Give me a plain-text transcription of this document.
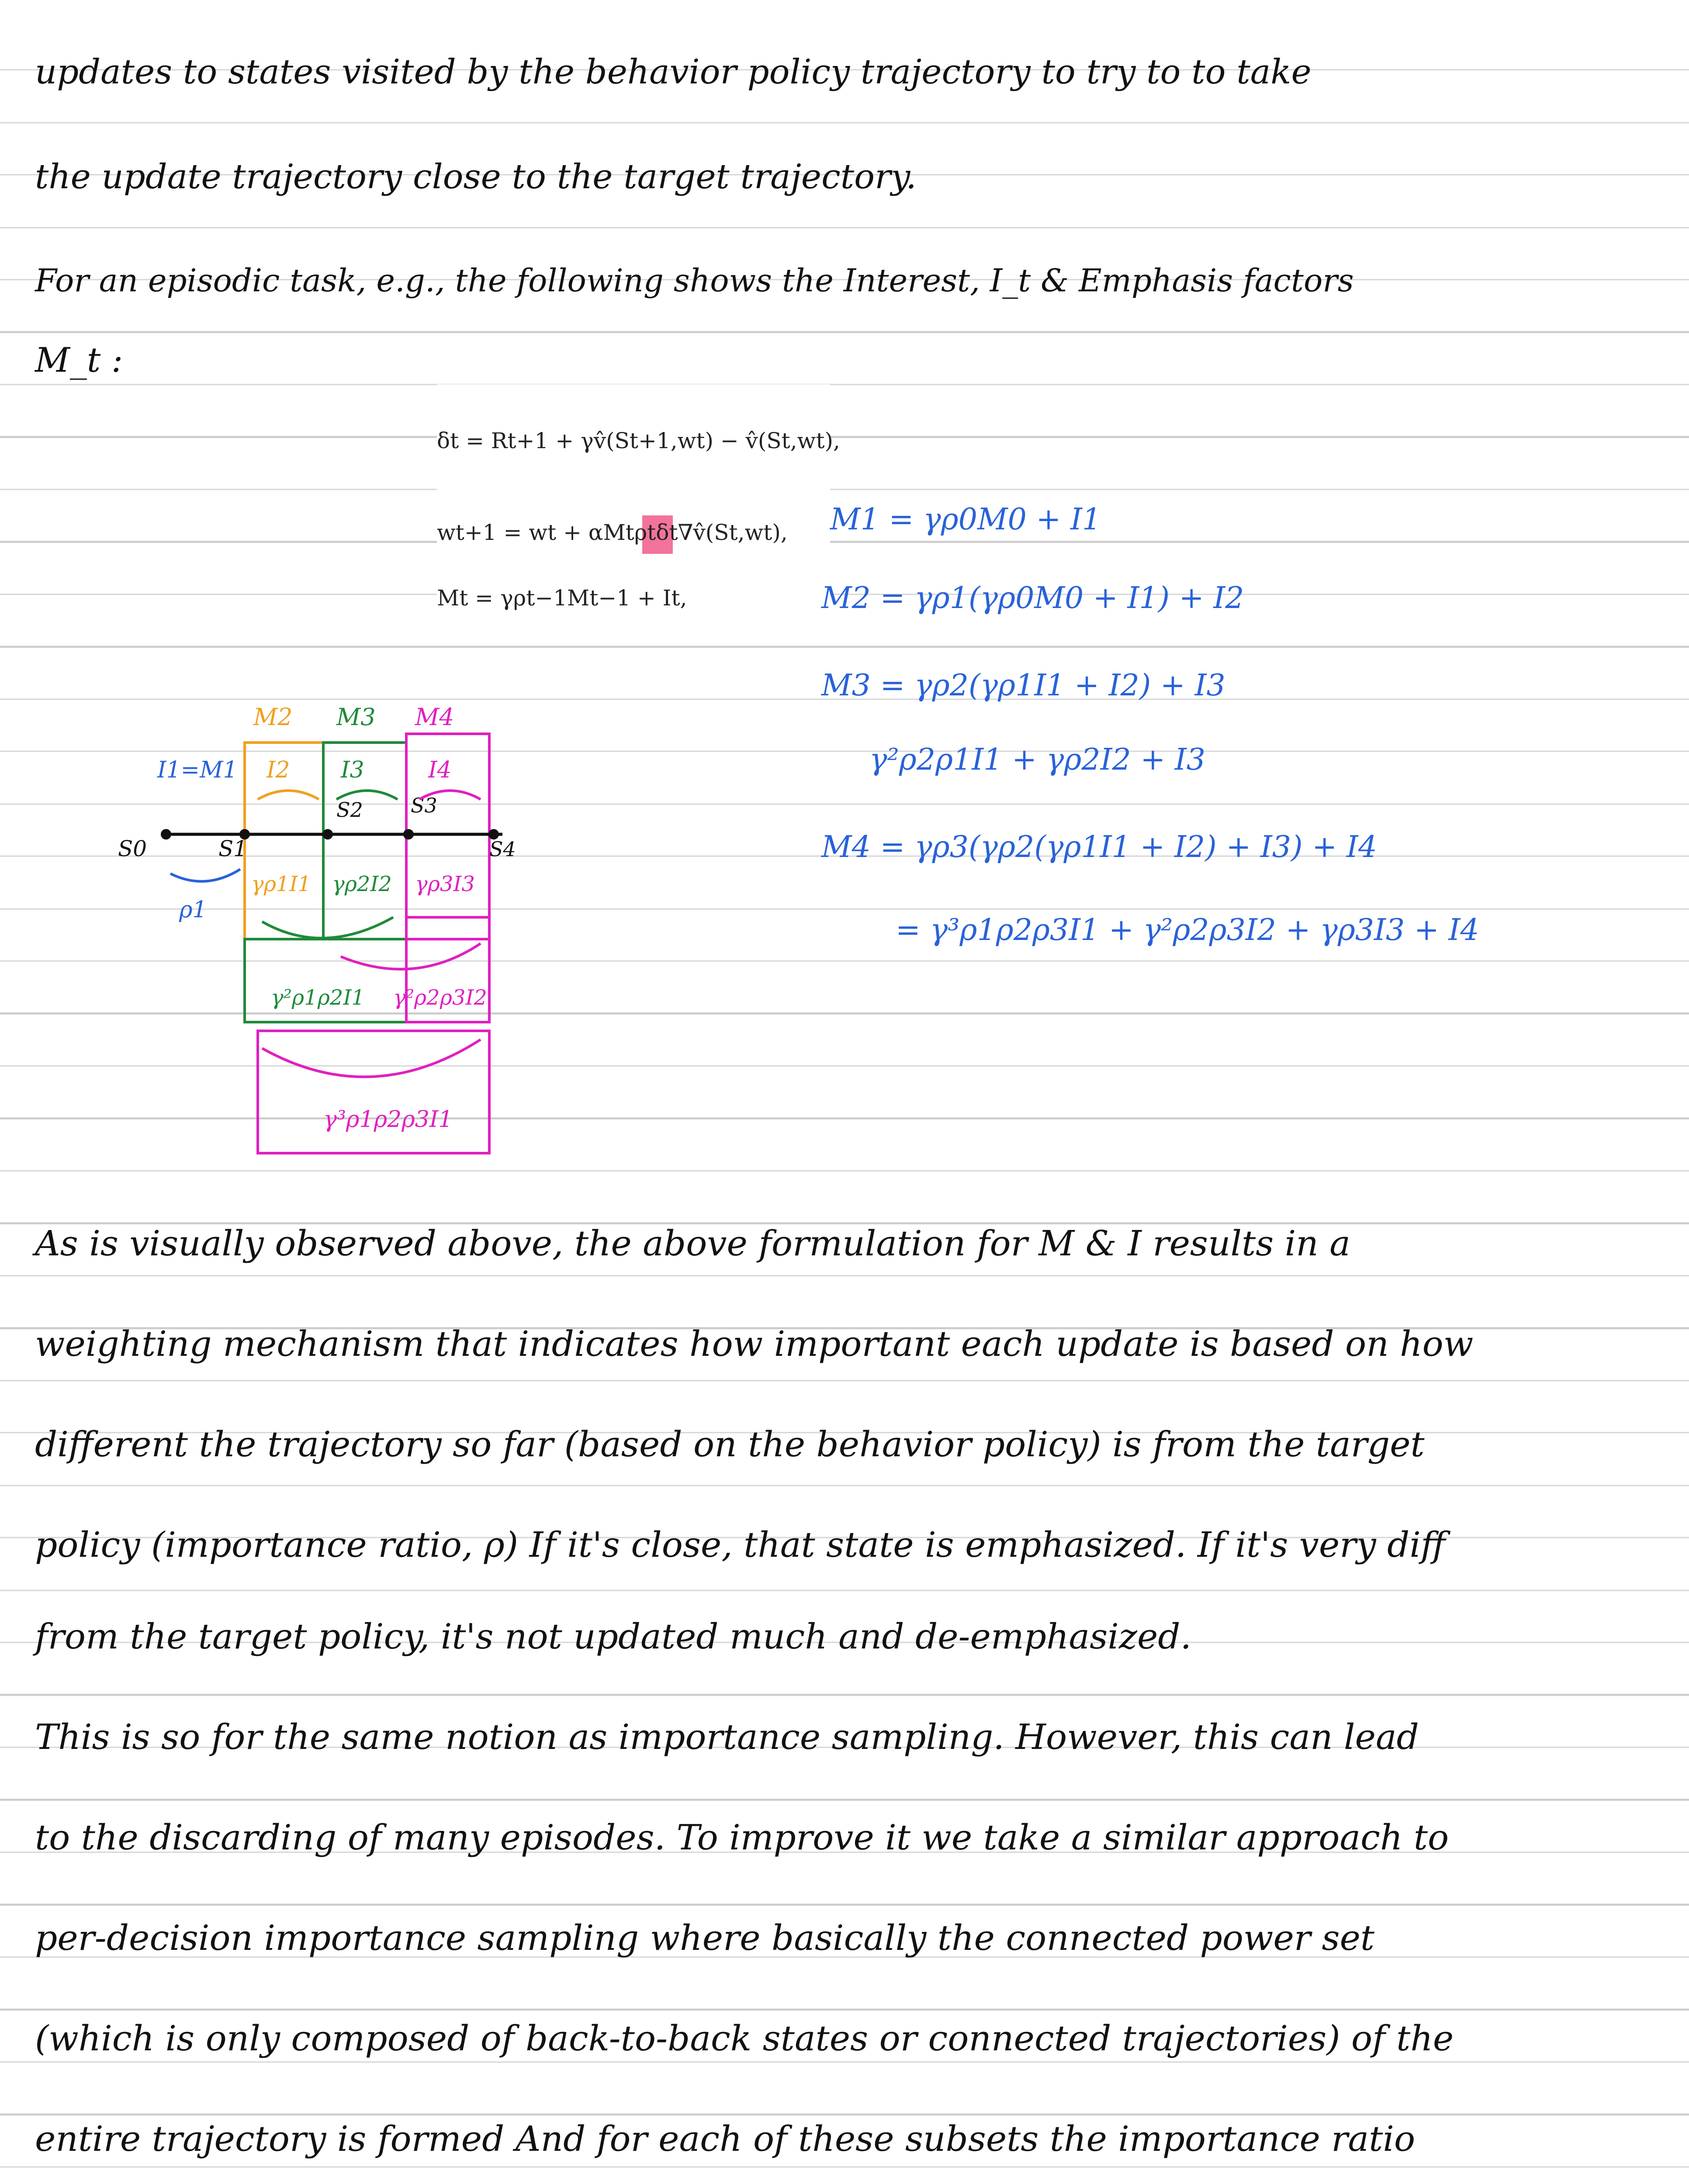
updates to states visited by the behavior policy trajectory to try to to take
the update trajectory close to the target trajectory.
For an episodic task, e.g., the following shows the Interest, I_t & Emphasis factors
M_t :
δt = Rt+1 + γv̂(St+1,wt) − v̂(St,wt),
wt+1 = wt + αMtρtδt∇v̂(St,wt),
Mt = γρt−1Mt−1 + It,
M1 = γρ0M0 + I1
M2 = γρ1(γρ0M0 + I1) + I2
M3 = γρ2(γρ1I1 + I2) + I3
γ²ρ2ρ1I1 + γρ2I2 + I3
M4 = γρ3(γρ2(γρ1I1 + I2) + I3) + I4
= γ³ρ1ρ2ρ3I1 + γ²ρ2ρ3I2 + γρ3I3 + I4
S0	S1
S2 S3
S4
M2 M3 M4
I1=M1 I2 I3	I4
ρ1
γρ1I1 γρ2I2 γρ3I3
γ²ρ1ρ2I1 γ²ρ2ρ3I2
γ³ρ1ρ2ρ3I1
As is visually observed above, the above formulation for M & I results in a
weighting mechanism that indicates how important each update is based on how
different the trajectory so far (based on the behavior policy) is from the target
policy (importance ratio, ρ) If it's close, that state is emphasized. If it's very diff
from the target policy, it's not updated much and de-emphasized.
This is so for the same notion as importance sampling. However, this can lead
to the discarding of many episodes. To improve it we take a similar approach to
per-decision importance sampling where basically the connected power set
(which is only composed of back-to-back states or connected trajectories) of the
entire trajectory is formed And for each of these subsets the importance ratio
